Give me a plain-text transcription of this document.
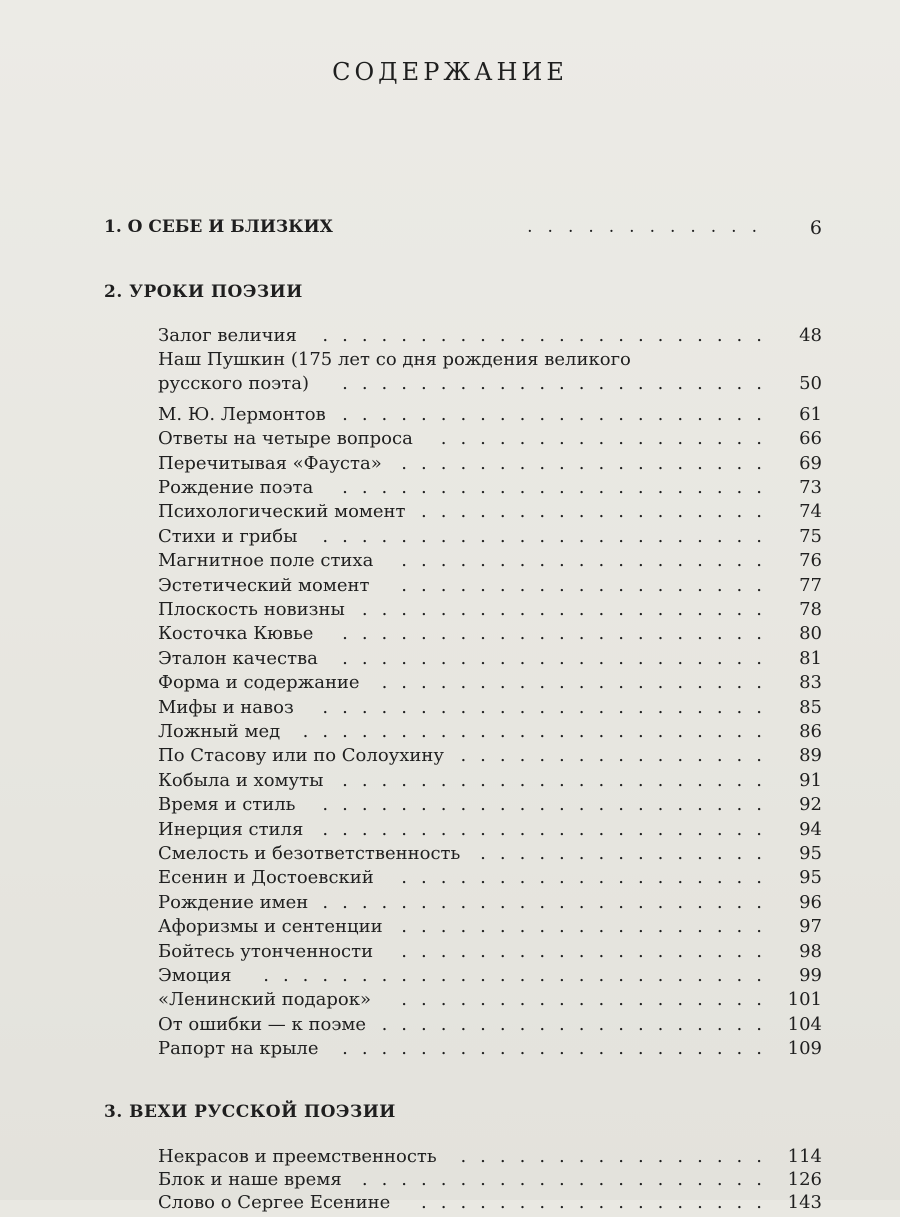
СОДЕРЖАНИЕ
1. О СЕБЕ И БЛИЗКИХ	............ 6
2. УРОКИ ПОЭЗИИ
Залог величия ....................... 48
Наш Пушкин (175 лет со дня рождения великого
русского поэта) ...................... 50
М. Ю. Лермонтов ...................... 61
Ответы на четыре вопроса ................. 66
Перечитывая «Фауста» ................... 69
Рождение поэта ...................... 73
Психологический момент .................. 74
Стихи и грибы ....................... 75
Магнитное поле стиха ................... 76
Эстетический момент ................... 77
Плоскость новизны ..................... 78
Косточка Кювье ...................... 80
Эталон качества ...................... 81
Форма и содержание .................... 83
Мифы и навоз ....................... 85
Ложный мед ........................ 86
По Стасову или по Солоухину ................ 89
Кобыла и хомуты ...................... 91
Время и стиль ....................... 92
Инерция стиля ....................... 94
Смелость и безответственность ............... 95
Есенин и Достоевский ................... 95
Рождение имен ....................... 96
Афоризмы и сентенции ................... 97
Бойтесь утонченности ................... 98
Эмоция .......................... 99
«Ленинский подарок» ................... 101
От ошибки — к поэме .................... 104
Рапорт на крыле ...................... 109
3. ВЕХИ РУССКОЙ ПОЭЗИИ
Некрасов и преемственность ................ 114
Блок и наше время ..................... 126
Слово о Сергее Есенине .................. 143
